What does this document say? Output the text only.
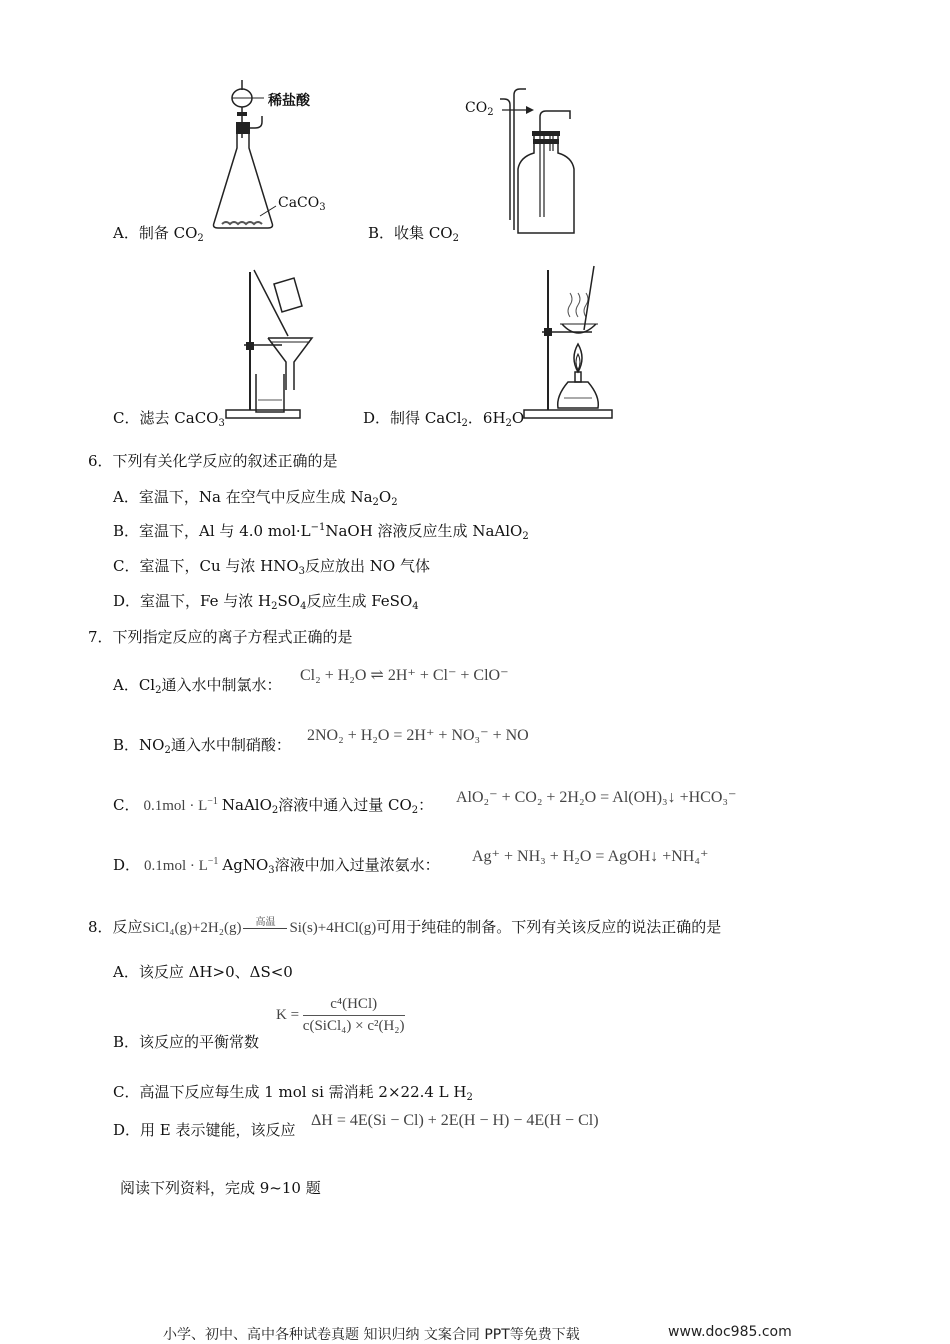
稀盐酸
CaCO$_3$
A．制备 $CO_2$
$CO_2$
B．收集 $CO_2$
C．滤去 CaCO$_3$	D．制得 CaCl$_2$．$6H_2O$
6．下列有关化学反应的叙述正确的是
A．室温下，Na 在空气中反应生成 $Na_2O_2$
B．室温下，Al 与 4.0 $mol\cdot L^{-1}NaOH$ 溶液反应生成 NaAlO$_2$
C．室温下，Cu 与浓 $HNO_3$反应放出 NO 气体
D．室温下，Fe 与浓 $H_2SO_4$反应生成 FeSO$_4$
7．下列指定反应的离子方程式正确的是
A．$Cl_2$通入水中制氯水：
Cl₂ + H₂O ⇌ 2H⁺ + Cl⁻ + ClO⁻
B．$NO_2$通入水中制硝酸：
2NO₂ + H₂O = 2H⁺ + NO₃⁻ + NO
C． $0.1mol \cdot L^{-1}$ NaAlO$_2$溶液中通入过量 $CO_2$： AlO₂⁻ + CO₂ + 2H₂O = Al(OH)₃↓ +HCO₃⁻
D． $0.1mol \cdot L^{-1}$ AgNO$_3$溶液中加入过量浓氨水： Ag⁺ + NH₃ + H₂O = AgOH↓ +NH₄⁺
8．反应SiCl₄(g)+2H₂(g)	高温 Si(s)+4HCl(g)可用于纯硅的制备。下列有关该反应的说法正确的是
A．该反应 ΔH>0、ΔS<0
B．该反应的平衡常数
$K = \frac{\text{c⁴(HCl)}}{\text{c(SiCl₄) × c²(H₂)}}$
C．高温下反应每生成 1 mol si 需消耗 2×22.4 L $H_2$
D．用 E 表示键能，该反应
ΔH = 4E(Si − Cl) + 2E(H − H) − 4E(H − Cl)
阅读下列资料，完成 9~10 题
小学、初中、高中各种试卷真题 知识归纳 文案合同 PPT等免费下载	www.doc985.com
